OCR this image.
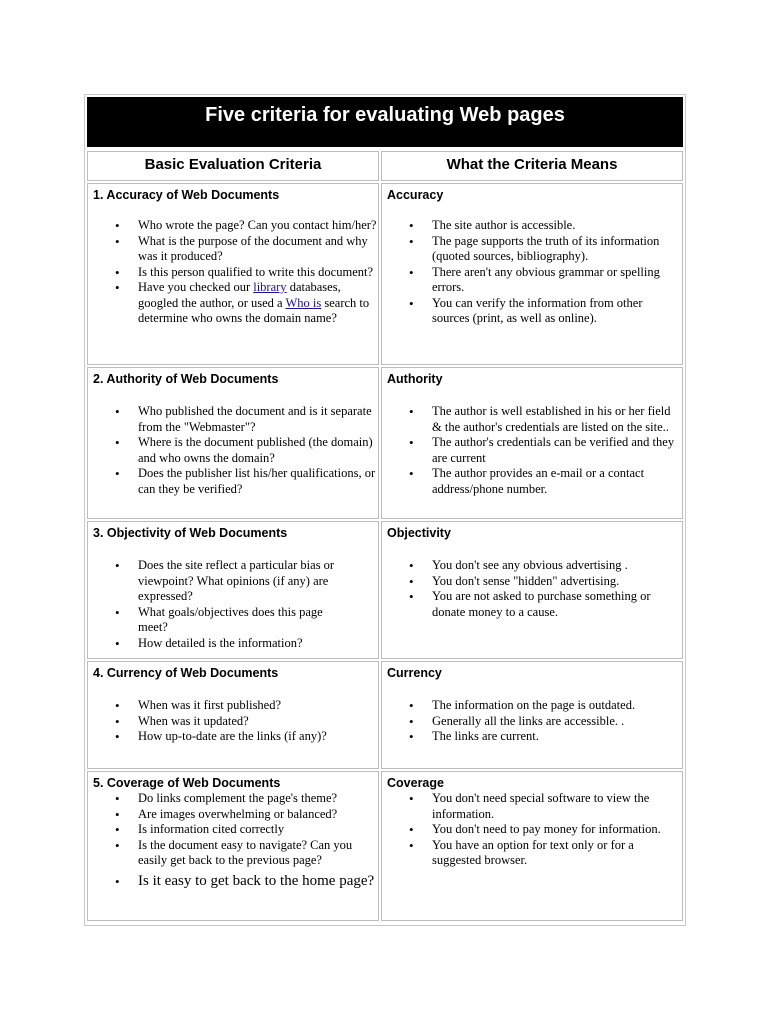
Five criteria for evaluating Web pages
Basic Evaluation Criteria	What the Criteria Means
1. Accuracy of Web Documents
• Who wrote the page? Can you contact him/her?
• What is the purpose of the document and why was it produced?
• Is this person qualified to write this document?
• Have you checked our library databases, googled the author, or used a Who is search to determine who owns the domain name?
Accuracy
• The site author is accessible.
• The page supports the truth of its information (quoted sources, bibliography).
• There aren't any obvious grammar or spelling errors.
• You can verify the information from other sources (print, as well as online).
2. Authority of Web Documents
• Who published the document and is it separate from the "Webmaster"?
• Where is the document published (the domain) and who owns the domain?
• Does the publisher list his/her qualifications, or can they be verified?
Authority
• The author is well established in his or her field & the author's credentials are listed on the site..
• The author's credentials can be verified and they are current
• The author provides an e-mail or a contact address/phone number.
3. Objectivity of Web Documents
• Does the site reflect a particular bias or viewpoint? What opinions (if any) are expressed?
• What goals/objectives does this page meet?
• How detailed is the information?
Objectivity
• You don't see any obvious advertising .
• You don't sense "hidden" advertising.
• You are not asked to purchase something or donate money to a cause.
4. Currency of Web Documents
• When was it first published?
• When was it updated?
• How up-to-date are the links (if any)?
Currency
• The information on the page is outdated.
• Generally all the links are accessible. .
• The links are current.
5. Coverage of Web Documents
• Do links complement the page's theme?
• Are images overwhelming or balanced?
• Is information cited correctly
• Is the document easy to navigate? Can you easily get back to the previous page?
• Is it easy to get back to the home page?
Coverage
• You don't need special software to view the information.
• You don't need to pay money for information.
• You have an option for text only or for a suggested browser.
